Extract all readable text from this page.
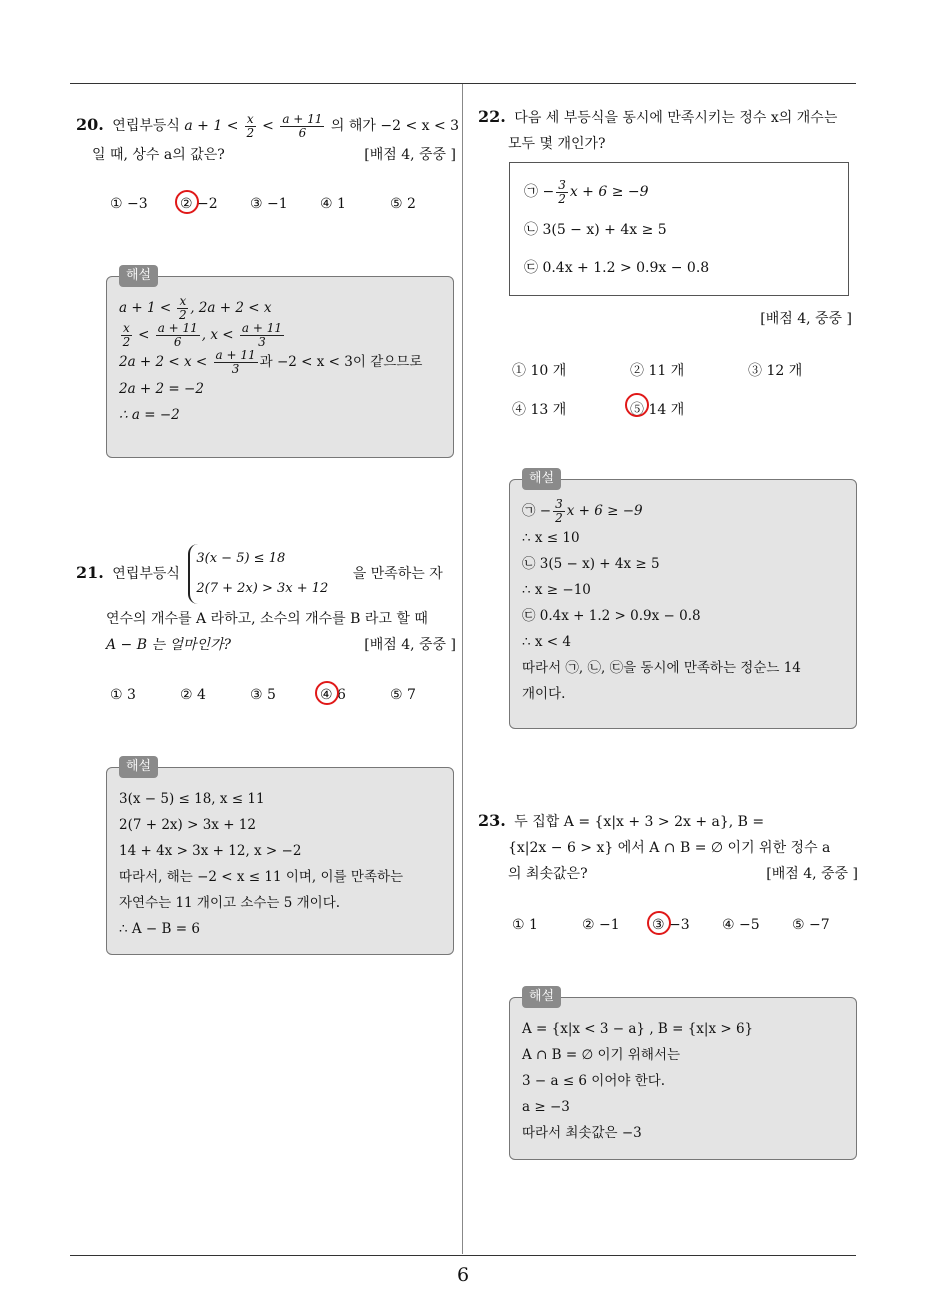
6
20. 연립부등식 $a + 1 < \frac{x}{2} < \frac{a + 11}{6}$ 의 해가 −2 < x < 3
일 때, 상수 a의 값은?	[배점 4, 중중 ]
① −3 ② −2 ③ −1 ④ 1	⑤ 2
해설
$a + 1 < \frac{x}{2}$ , 2a + 2 < x
$\frac{x}{2} < \frac{a + 11}{6}$ , $x < \frac{a + 11}{3}$
$2a + 2 < x < \frac{a + 11}{3}$ 과 −2 < x < 3이 같으므로
2a + 2 = −2
∴ a = −2
21. 연립부등식
3(x − 5) ≤ 18
2(7 + 2x) > 3x + 12
을 만족하는 자
연수의 개수를 A 라하고, 소수의 개수를 B 라고 할 때
A − B 는 얼마인가?	[배점 4, 중중 ]
① 3	② 4	③ 5	④ 6	⑤ 7
해설
3(x − 5) ≤ 18, x ≤ 11
2(7 + 2x) > 3x + 12
14 + 4x > 3x + 12, x > −2
따라서, 해는 −2 < x ≤ 11 이며, 이를 만족하는
자연수는 11 개이고 소수는 5 개이다.
∴ A − B = 6
22. 다음 세 부등식을 동시에 만족시키는 정수 x의 개수는
모두 몇 개인가?
㉠ − $\frac{3}{2}$ x + 6 ≥ −9
㉡ 3(5 − x) + 4x ≥ 5
㉢ 0.4x + 1.2 > 0.9x − 0.8
[배점 4, 중중 ]
① 10 개	② 11 개	③ 12 개
④ 13 개	⑤ 14 개
해설
㉠ − $\frac{3}{2}$ x + 6 ≥ −9
∴ x ≤ 10
㉡ 3(5 − x) + 4x ≥ 5
∴ x ≥ −10
㉢ 0.4x + 1.2 > 0.9x − 0.8
∴ x < 4
따라서 ㉠, ㉡, ㉢을 동시에 만족하는 정순느 14
개이다.
23. 두 집합 A = {x|x + 3 > 2x + a}, B =
{x|2x − 6 > x} 에서 A ∩ B = ∅ 이기 위한 정수 a
의 최솟값은?	[배점 4, 중중 ]
① 1	② −1 ③ −3 ④ −5 ⑤ −7
해설
A = {x|x < 3 − a} , B = {x|x > 6}
A ∩ B = ∅ 이기 위해서는
3 − a ≤ 6 이어야 한다.
a ≥ −3
따라서 최솟값은 −3
